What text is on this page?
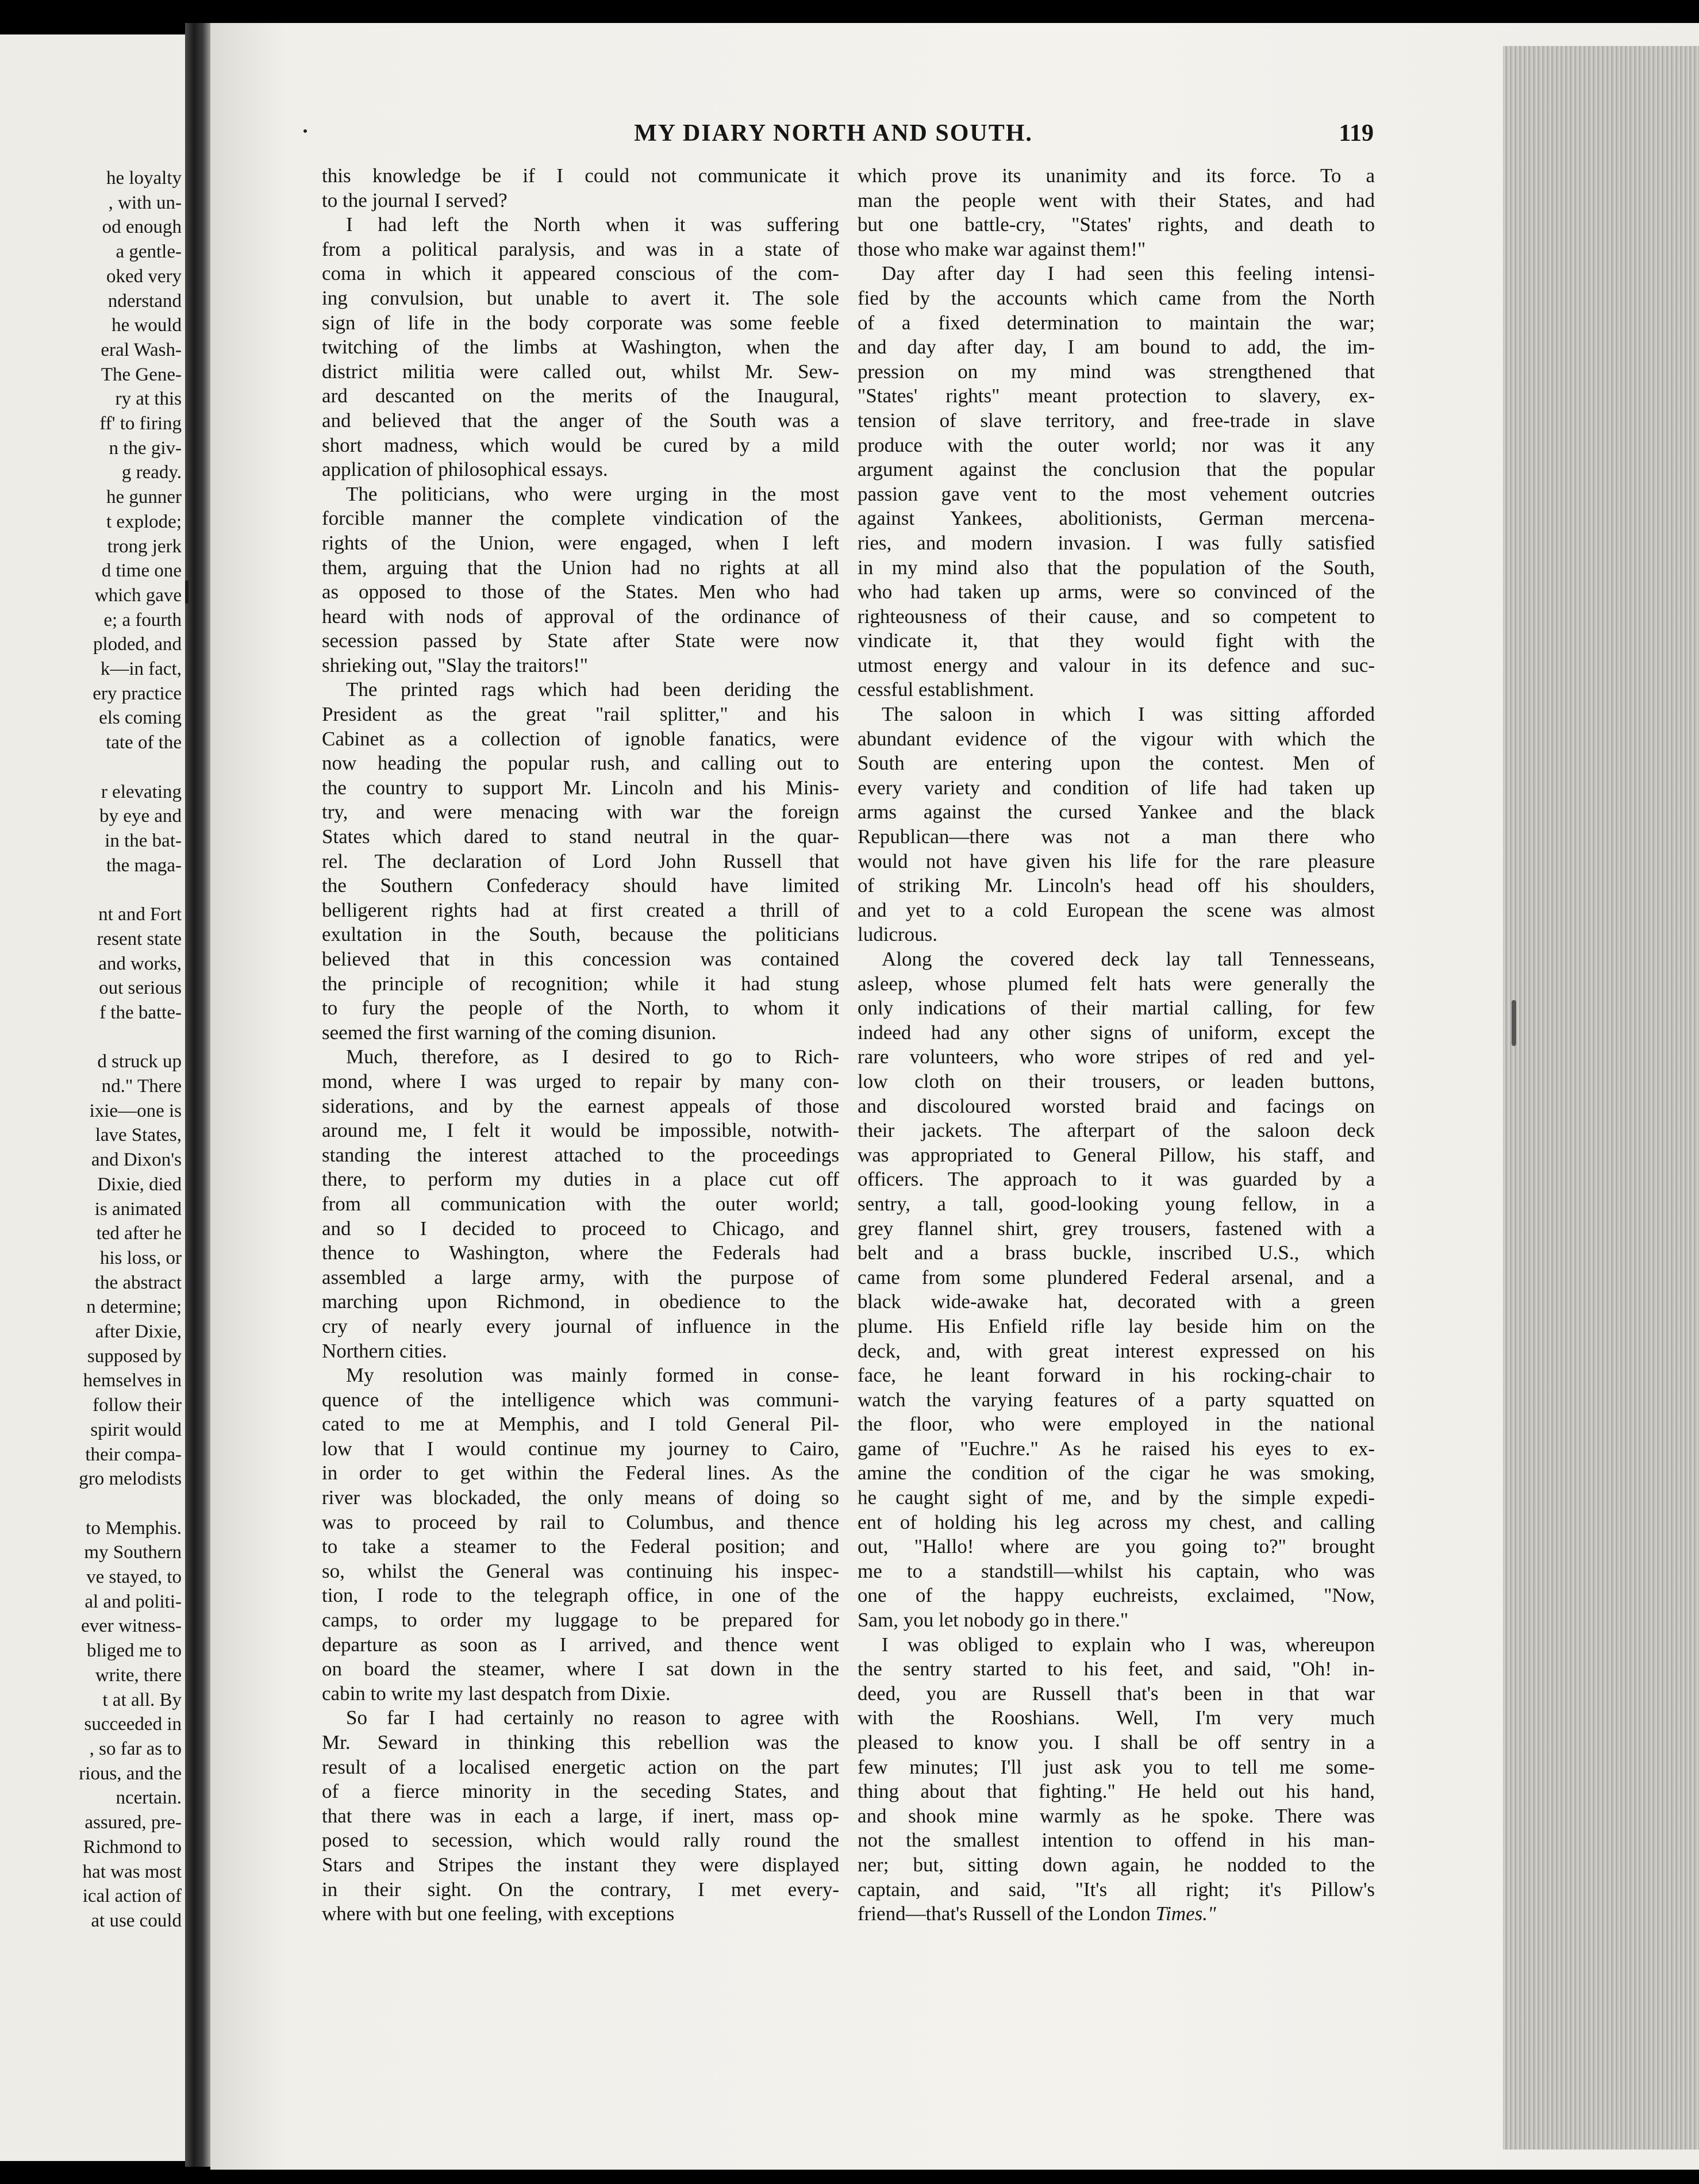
he loyalty
, with un-
od enough
a gentle-
oked very
nderstand
he would
eral Wash-
The Gene-
ry at this
ff' to firing
n the giv-
g ready.
he gunner
t explode;
trong jerk
d time one
which gave
e; a fourth
ploded, and
k—in fact,
ery practice
els coming
tate of the

r elevating
by eye and
in the bat-
the maga-

nt and Fort
resent state
and works,
out serious
f the batte-

d struck up
nd." There
ixie—one is
lave States,
and Dixon's
Dixie, died
is animated
ted after he
his loss, or
the abstract
n determine;
after Dixie,
supposed by
hemselves in
follow their
spirit would
their compa-
gro melodists

to Memphis.
my Southern
ve stayed, to
al and politi-
ever witness-
bliged me to
write, there
t at all. By
succeeded in
, so far as to
rious, and the
ncertain.
assured, pre-
Richmond to
hat was most
ical action of
at use could
MY DIARY NORTH AND SOUTH.	119
this knowledge be if I could not communicate it
to the journal I served?
I had left the North when it was suffering
from a political paralysis, and was in a state of
coma in which it appeared conscious of the com-
ing convulsion, but unable to avert it. The sole
sign of life in the body corporate was some feeble
twitching of the limbs at Washington, when the
district militia were called out, whilst Mr. Sew-
ard descanted on the merits of the Inaugural,
and believed that the anger of the South was a
short madness, which would be cured by a mild
application of philosophical essays.
The politicians, who were urging in the most
forcible manner the complete vindication of the
rights of the Union, were engaged, when I left
them, arguing that the Union had no rights at all
as opposed to those of the States. Men who had
heard with nods of approval of the ordinance of
secession passed by State after State were now
shrieking out, "Slay the traitors!"
The printed rags which had been deriding the
President as the great "rail splitter," and his
Cabinet as a collection of ignoble fanatics, were
now heading the popular rush, and calling out to
the country to support Mr. Lincoln and his Minis-
try, and were menacing with war the foreign
States which dared to stand neutral in the quar-
rel. The declaration of Lord John Russell that
the Southern Confederacy should have limited
belligerent rights had at first created a thrill of
exultation in the South, because the politicians
believed that in this concession was contained
the principle of recognition; while it had stung
to fury the people of the North, to whom it
seemed the first warning of the coming disunion.
Much, therefore, as I desired to go to Rich-
mond, where I was urged to repair by many con-
siderations, and by the earnest appeals of those
around me, I felt it would be impossible, notwith-
standing the interest attached to the proceedings
there, to perform my duties in a place cut off
from all communication with the outer world;
and so I decided to proceed to Chicago, and
thence to Washington, where the Federals had
assembled a large army, with the purpose of
marching upon Richmond, in obedience to the
cry of nearly every journal of influence in the
Northern cities.
My resolution was mainly formed in conse-
quence of the intelligence which was communi-
cated to me at Memphis, and I told General Pil-
low that I would continue my journey to Cairo,
in order to get within the Federal lines. As the
river was blockaded, the only means of doing so
was to proceed by rail to Columbus, and thence
to take a steamer to the Federal position; and
so, whilst the General was continuing his inspec-
tion, I rode to the telegraph office, in one of the
camps, to order my luggage to be prepared for
departure as soon as I arrived, and thence went
on board the steamer, where I sat down in the
cabin to write my last despatch from Dixie.
So far I had certainly no reason to agree with
Mr. Seward in thinking this rebellion was the
result of a localised energetic action on the part
of a fierce minority in the seceding States, and
that there was in each a large, if inert, mass op-
posed to secession, which would rally round the
Stars and Stripes the instant they were displayed
in their sight. On the contrary, I met every-
where with but one feeling, with exceptions
which prove its unanimity and its force. To a
man the people went with their States, and had
but one battle-cry, "States' rights, and death to
those who make war against them!"
Day after day I had seen this feeling intensi-
fied by the accounts which came from the North
of a fixed determination to maintain the war;
and day after day, I am bound to add, the im-
pression on my mind was strengthened that
"States' rights" meant protection to slavery, ex-
tension of slave territory, and free-trade in slave
produce with the outer world; nor was it any
argument against the conclusion that the popular
passion gave vent to the most vehement outcries
against Yankees, abolitionists, German mercena-
ries, and modern invasion. I was fully satisfied
in my mind also that the population of the South,
who had taken up arms, were so convinced of the
righteousness of their cause, and so competent to
vindicate it, that they would fight with the
utmost energy and valour in its defence and suc-
cessful establishment.
The saloon in which I was sitting afforded
abundant evidence of the vigour with which the
South are entering upon the contest. Men of
every variety and condition of life had taken up
arms against the cursed Yankee and the black
Republican—there was not a man there who
would not have given his life for the rare pleasure
of striking Mr. Lincoln's head off his shoulders,
and yet to a cold European the scene was almost
ludicrous.
Along the covered deck lay tall Tennesseans,
asleep, whose plumed felt hats were generally the
only indications of their martial calling, for few
indeed had any other signs of uniform, except the
rare volunteers, who wore stripes of red and yel-
low cloth on their trousers, or leaden buttons,
and discoloured worsted braid and facings on
their jackets. The afterpart of the saloon deck
was appropriated to General Pillow, his staff, and
officers. The approach to it was guarded by a
sentry, a tall, good-looking young fellow, in a
grey flannel shirt, grey trousers, fastened with a
belt and a brass buckle, inscribed U.S., which
came from some plundered Federal arsenal, and a
black wide-awake hat, decorated with a green
plume. His Enfield rifle lay beside him on the
deck, and, with great interest expressed on his
face, he leant forward in his rocking-chair to
watch the varying features of a party squatted on
the floor, who were employed in the national
game of "Euchre." As he raised his eyes to ex-
amine the condition of the cigar he was smoking,
he caught sight of me, and by the simple expedi-
ent of holding his leg across my chest, and calling
out, "Hallo! where are you going to?" brought
me to a standstill—whilst his captain, who was
one of the happy euchreists, exclaimed, "Now,
Sam, you let nobody go in there."
I was obliged to explain who I was, whereupon
the sentry started to his feet, and said, "Oh! in-
deed, you are Russell that's been in that war
with the Rooshians. Well, I'm very much
pleased to know you. I shall be off sentry in a
few minutes; I'll just ask you to tell me some-
thing about that fighting." He held out his hand,
and shook mine warmly as he spoke. There was
not the smallest intention to offend in his man-
ner; but, sitting down again, he nodded to the
captain, and said, "It's all right; it's Pillow's
friend—that's Russell of the London Times."
